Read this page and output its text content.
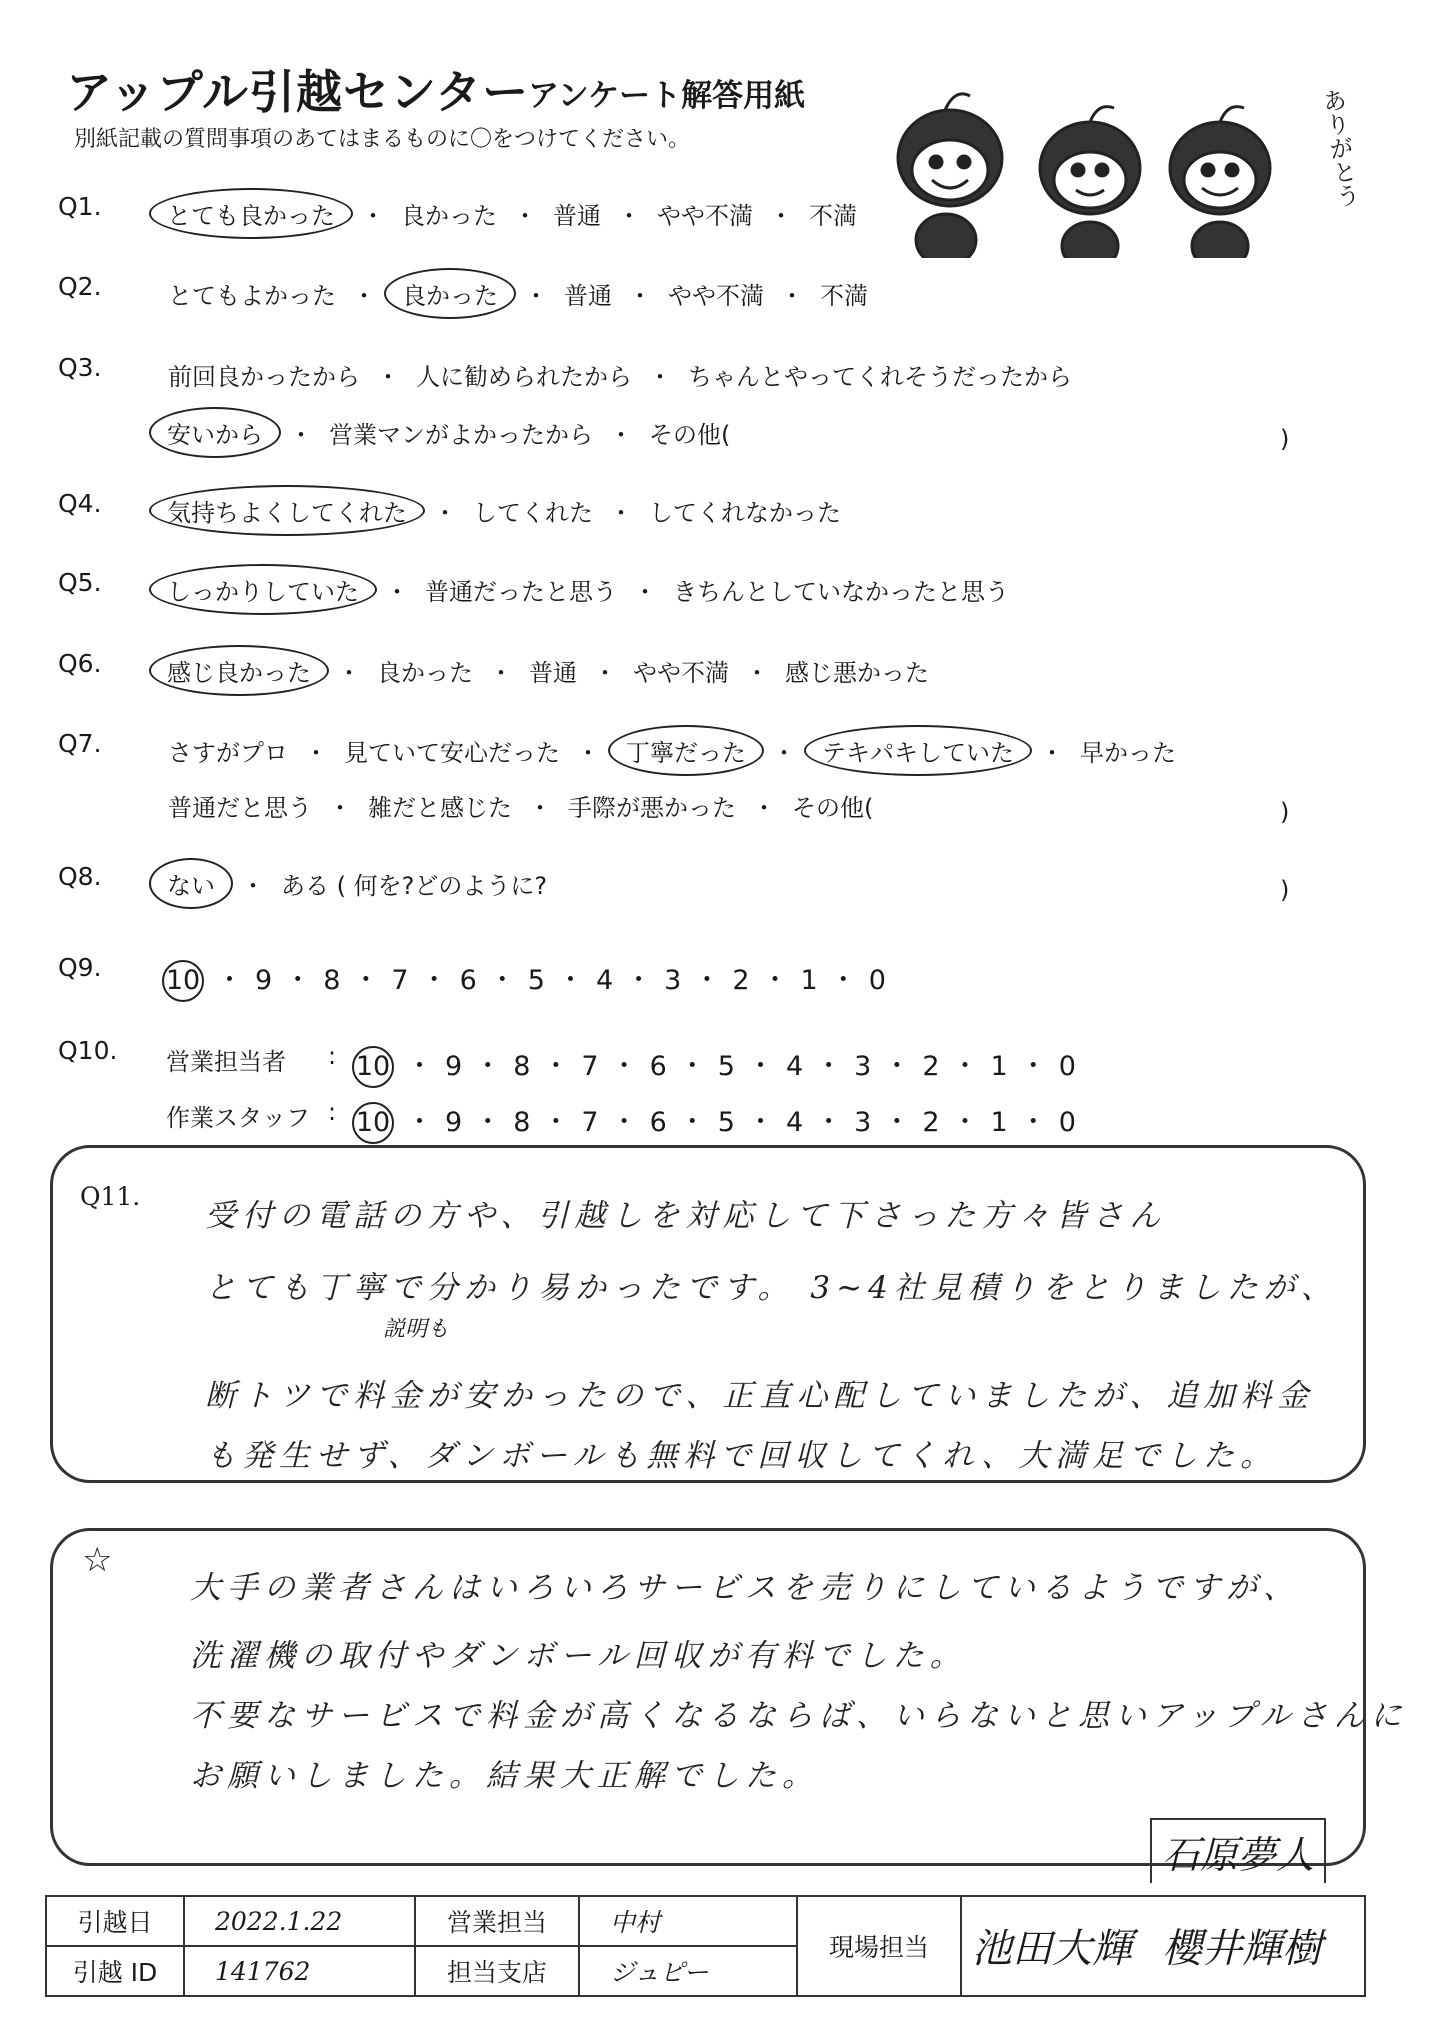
アップル引越センター
アンケート解答用紙
別紙記載の質問事項のあてはまるものに〇をつけてください。	ありがとう
Q1.	とても良かった ・ 良かった ・ 普通 ・ やや不満 ・ 不満
Q2.	とてもよかった ・ 良かった ・ 普通 ・ やや不満 ・ 不満
Q3.	前回良かったから ・ 人に勧められたから ・ ちゃんとやってくれそうだったから
安いから ・ 営業マンがよかったから ・ その他(	)
Q4.	気持ちよくしてくれた ・ してくれた ・ してくれなかった
Q5.	しっかりしていた ・ 普通だったと思う ・ きちんとしていなかったと思う
Q6.	感じ良かった ・ 良かった ・ 普通 ・ やや不満 ・ 感じ悪かった
Q7.	さすがプロ ・ 見ていて安心だった ・ 丁寧だった ・ テキパキしていた ・ 早かった
普通だと思う ・ 雑だと感じた ・ 手際が悪かった ・ その他(	)
Q8.	ない ・ ある ( 何を?どのように?	)
Q9. 10 ・ 9 ・ 8 ・ 7 ・ 6 ・ 5 ・ 4 ・ 3 ・ 2 ・ 1 ・ 0
Q10. 営業担当者 : 10 ・ 9 ・ 8 ・ 7 ・ 6 ・ 5 ・ 4 ・ 3 ・ 2 ・ 1 ・ 0
作業スタッフ : 10 ・ 9 ・ 8 ・ 7 ・ 6 ・ 5 ・ 4 ・ 3 ・ 2 ・ 1 ・ 0
Q11.
受付の電話の方や、引越しを対応して下さった方々皆さん
とても丁寧で分かり易かったです。 3~4社見積りをとりましたが、
断トツで料金が安かったので、正直心配していましたが、追加料金
も発生せず、ダンボールも無料で回収してくれ、大満足でした。
説明も
☆
大手の業者さんはいろいろサービスを売りにしているようですが、
洗濯機の取付やダンボール回収が有料でした。
不要なサービスで料金が高くなるならば、いらないと思いアップルさんに
お願いしました。結果大正解でした。
引越日	2022.1.22	営業担当	中村	現場担当	池田大輝 櫻井輝樹

引越 ID	141762	担当支店	ジュピー		
石原夢人
